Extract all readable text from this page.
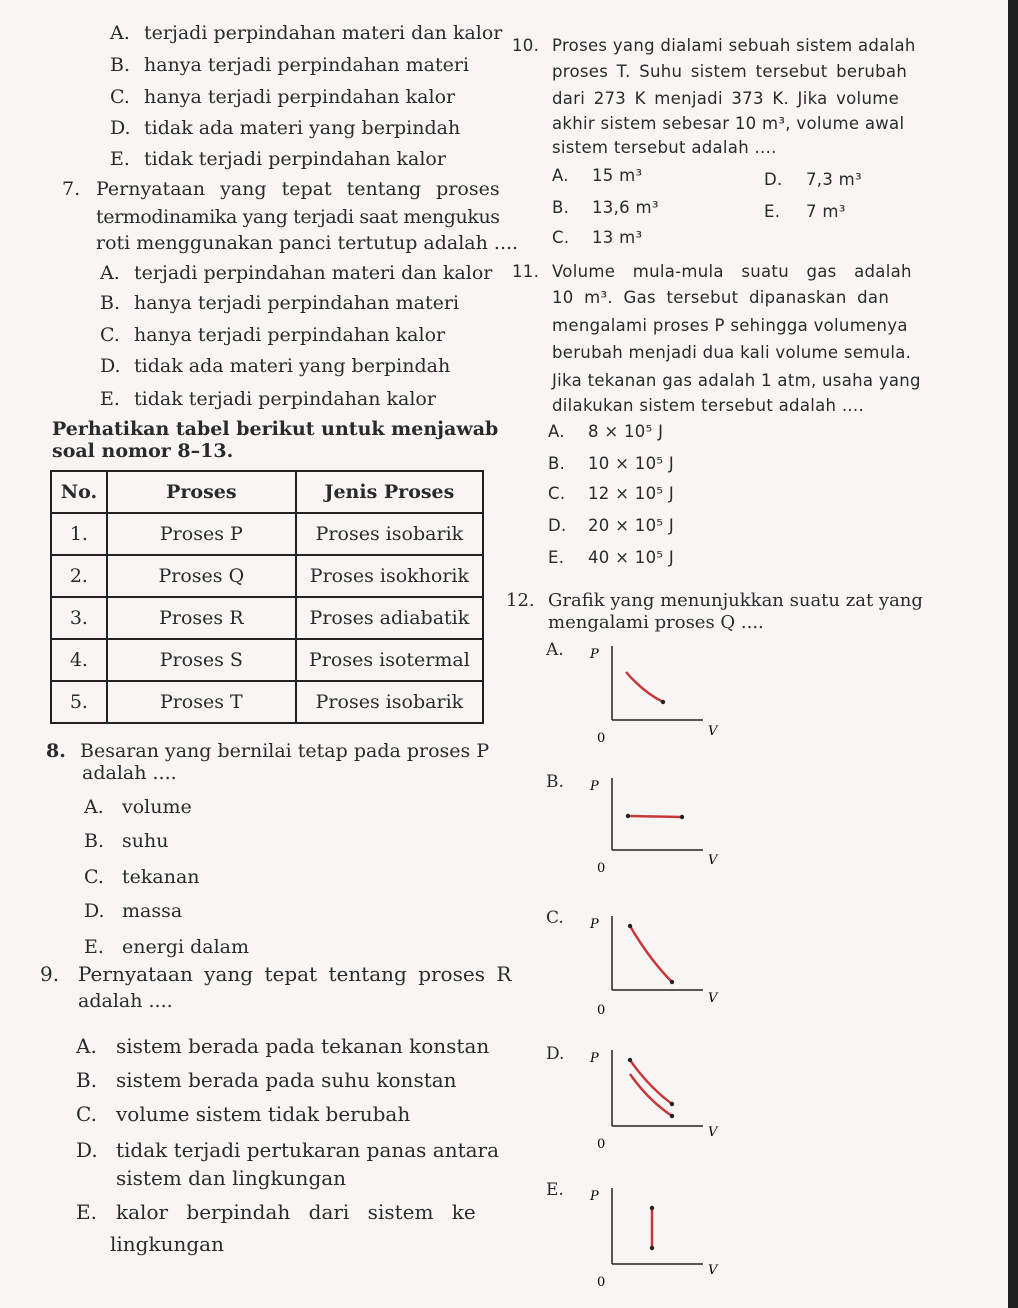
A. terjadi perpindahan materi dan kalor
B. hanya terjadi perpindahan materi
C. hanya terjadi perpindahan kalor
D. tidak ada materi yang berpindah
E. tidak terjadi perpindahan kalor
7. Pernyataan yang tepat tentang proses
termodinamika yang terjadi saat mengukus
roti menggunakan panci tertutup adalah ....
A. terjadi perpindahan materi dan kalor
B. hanya terjadi perpindahan materi
C. hanya terjadi perpindahan kalor
D. tidak ada materi yang berpindah
E. tidak terjadi perpindahan kalor
Perhatikan tabel berikut untuk menjawab
soal nomor 8–13.
No.	Proses	Jenis Proses
1.	Proses P	Proses isobarik
2.	Proses Q	Proses isokhorik
3.	Proses R	Proses adiabatik
4.	Proses S	Proses isotermal
5.	Proses T	Proses isobarik
8. Besaran yang bernilai tetap pada proses P
adalah ....
A. volume
B. suhu
C. tekanan
D. massa
E. energi dalam
9. Pernyataan yang tepat tentang proses R
adalah ....
A. sistem berada pada tekanan konstan
B. sistem berada pada suhu konstan
C. volume sistem tidak berubah
D. tidak terjadi pertukaran panas antara
sistem dan lingkungan
E. kalor berpindah dari sistem ke
lingkungan
10. Proses yang dialami sebuah sistem adalah
proses T. Suhu sistem tersebut berubah
dari 273 K menjadi 373 K. Jika volume
akhir sistem sebesar 10 m³, volume awal
sistem tersebut adalah ....
A. 15 m³
B. 13,6 m³
C. 13 m³
D. 7,3 m³
E. 7 m³
11. Volume mula-mula suatu gas adalah
10 m³. Gas tersebut dipanaskan dan
mengalami proses P sehingga volumenya
berubah menjadi dua kali volume semula.
Jika tekanan gas adalah 1 atm, usaha yang
dilakukan sistem tersebut adalah ....
A. 8 × 10⁵ J
B. 10 × 10⁵ J
C. 12 × 10⁵ J
D. 20 × 10⁵ J
E. 40 × 10⁵ J
12. Grafik yang menunjukkan suatu zat yang
mengalami proses Q ....
A. P
V
0
B. P
V
0
C. P
V
0
D. P
V
0
E. P
V
0
